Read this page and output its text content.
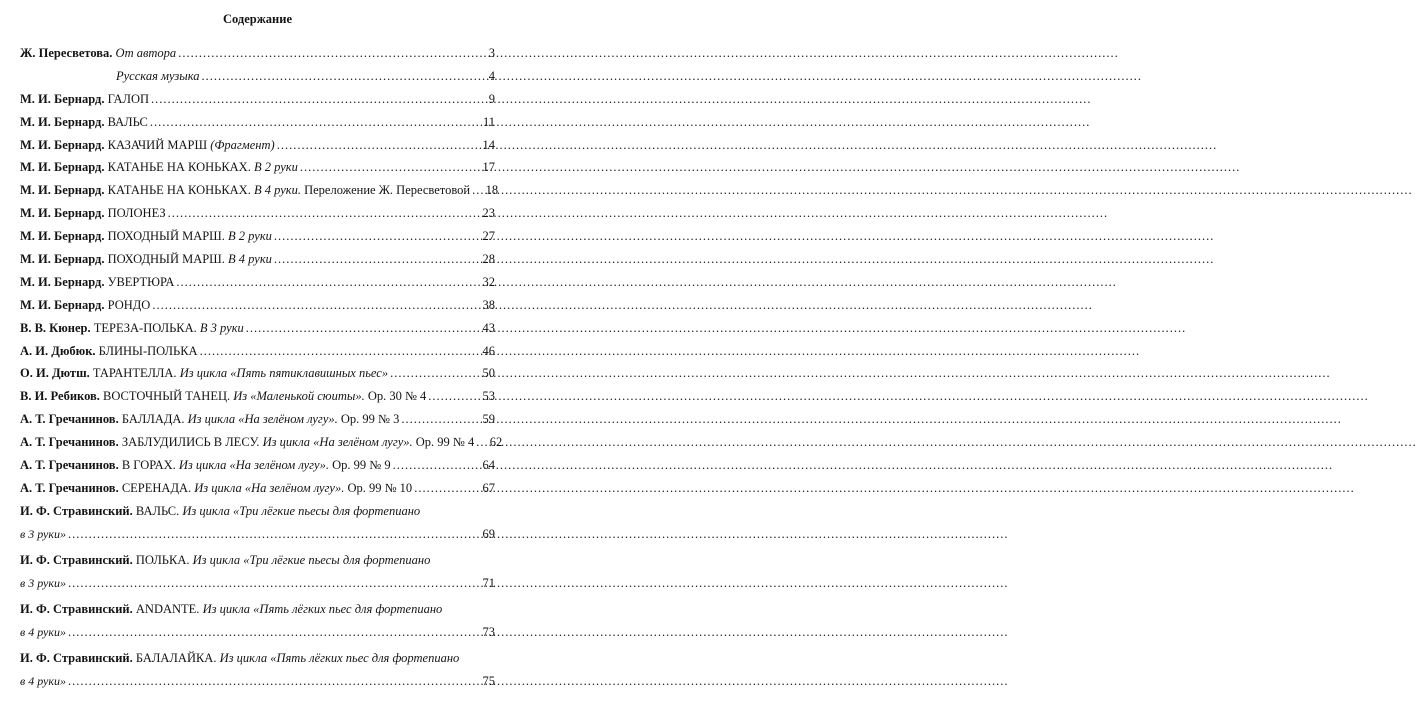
Содержание
Ж. Пересветова. От автора .....	3
Русская музыка .....	4
М. И. Бернард. ГАЛОП .....	9
М. И. Бернард. ВАЛЬС .....	11
М. И. Бернард. КАЗАЧИЙ МАРШ (Фрагмент) .....	14
М. И. Бернард. КАТАНЬЕ НА КОНЬКАХ. В 2 руки .....	17
М. И. Бернард. КАТАНЬЕ НА КОНЬКАХ. В 4 руки. Переложение Ж. Пересветовой ..... 18
М. И. Бернард. ПОЛОНЕЗ .....	23
М. И. Бернард. ПОХОДНЫЙ МАРШ. В 2 руки .....	27
М. И. Бернард. ПОХОДНЫЙ МАРШ. В 4 руки .....	28
М. И. Бернард. УВЕРТЮРА .....	32
М. И. Бернард. РОНДО .....	38
В. В. Кюнер. ТЕРЕЗА-ПОЛЬКА. В 3 руки .....	43
А. И. Дюбюк. БЛИНЫ-ПОЛЬКА .....	46
О. И. Дютш. ТАРАНТЕЛЛА. Из цикла «Пять пятиклавишных пьес» .....	50
В. И. Ребиков. ВОСТОЧНЫЙ ТАНЕЦ. Из «Маленькой сюиты». Ор. 30 № 4 .....	53
А. Т. Гречанинов. БАЛЛАДА. Из цикла «На зелёном лугу». Ор. 99 № 3 .....	59
А. Т. Гречанинов. ЗАБЛУДИЛИСЬ В ЛЕСУ. Из цикла «На зелёном лугу». Ор. 99 № 4 ..... 62
А. Т. Гречанинов. В ГОРАХ. Из цикла «На зелёном лугу». Ор. 99 № 9 .....	64
А. Т. Гречанинов. СЕРЕНАДА. Из цикла «На зелёном лугу». Ор. 99 № 10 .....	67
И. Ф. Стравинский. ВАЛЬС. Из цикла «Три лёгкие пьесы для фортепиано
в 3 руки» .....	69
И. Ф. Стравинский. ПОЛЬКА. Из цикла «Три лёгкие пьесы для фортепиано
в 3 руки» .....	71
И. Ф. Стравинский. ANDANTE. Из цикла «Пять лёгких пьес для фортепиано
в 4 руки» .....	73
И. Ф. Стравинский. БАЛАЛАЙКА. Из цикла «Пять лёгких пьес для фортепиано
в 4 руки» .....	75
